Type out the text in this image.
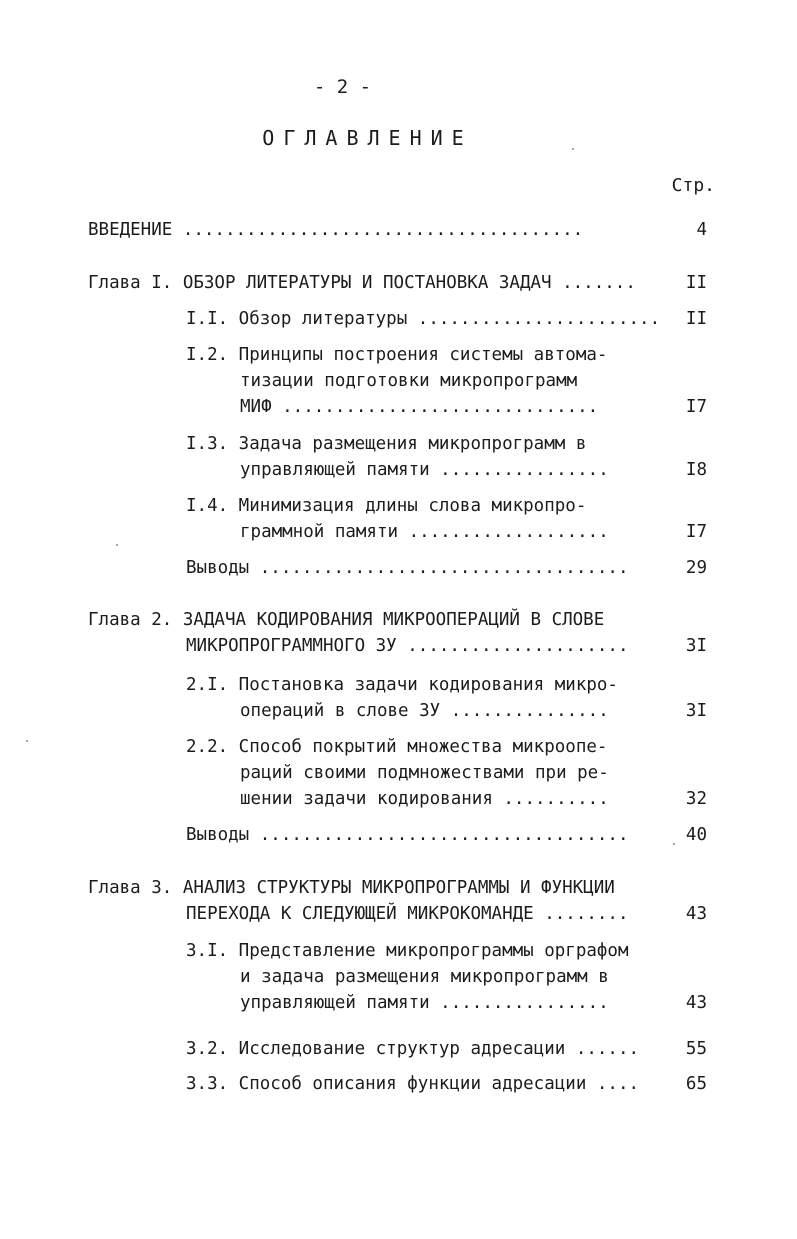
- 2 -
ОГЛАВЛЕНИЕ
Стр.
ВВЕДЕНИЕ ......................................	4
Глава I. ОБЗОР ЛИТЕРАТУРЫ И ПОСТАНОВКА ЗАДАЧ .......	II
I.I. Обзор литературы .......................	II
I.2. Принципы построения системы автома-
тизации подготовки микропрограмм
МИФ ..............................	I7
I.3. Задача размещения микропрограмм в
управляющей памяти ................	I8
I.4. Минимизация длины слова микропро-
граммной памяти ...................	I7
Выводы ...................................	29
Глава 2. ЗАДАЧА КОДИРОВАНИЯ МИКРООПЕРАЦИЙ В СЛОВЕ
МИКРОПРОГРАММНОГО ЗУ .....................	3I
2.I. Постановка задачи кодирования микро-
операций в слове ЗУ ...............	3I
2.2. Способ покрытий множества микроопе-
раций своими подмножествами при ре-
шении задачи кодирования ..........	32
Выводы ...................................	40
Глава 3. АНАЛИЗ СТРУКТУРЫ МИКРОПРОГРАММЫ И ФУНКЦИИ
ПЕРЕХОДА К СЛЕДУЮЩЕЙ МИКРОКОМАНДЕ ........	43
3.I. Представление микропрограммы орграфом
и задача размещения микропрограмм в
управляющей памяти ................	43
3.2. Исследование структур адресации ......	55
3.3. Способ описания функции адресации ....	65
